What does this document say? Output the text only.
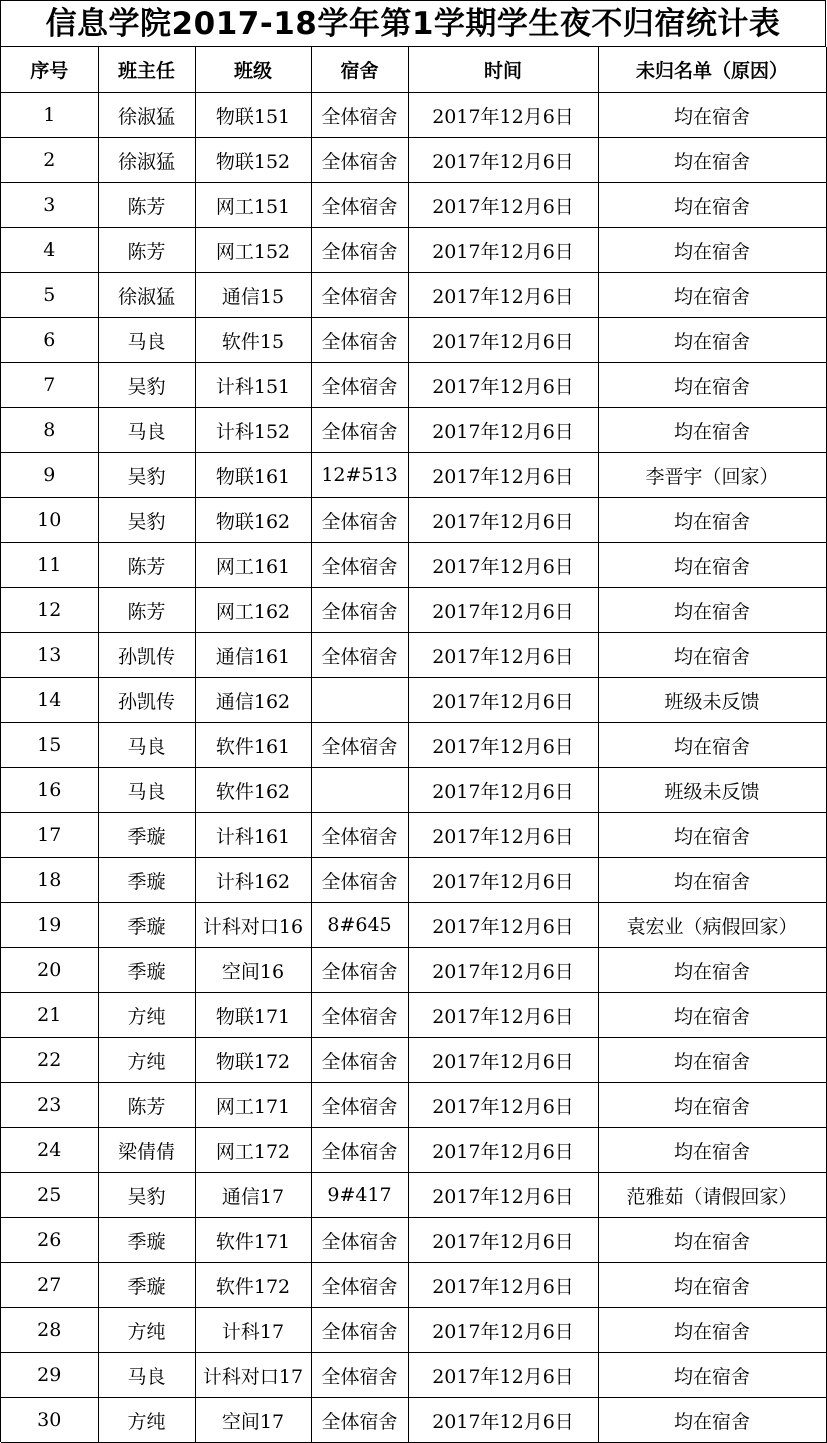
信息学院2017-18学年第1学期学生夜不归宿统计表
序号	班主任	班级	宿舍	时间	未归名单（原因）
1	徐淑猛	物联151	全体宿舍	2017年12月6日	均在宿舍
2	徐淑猛	物联152	全体宿舍	2017年12月6日	均在宿舍
3	陈芳	网工151	全体宿舍	2017年12月6日	均在宿舍
4	陈芳	网工152	全体宿舍	2017年12月6日	均在宿舍
5	徐淑猛	通信15	全体宿舍	2017年12月6日	均在宿舍
6	马良	软件15	全体宿舍	2017年12月6日	均在宿舍
7	吴豹	计科151	全体宿舍	2017年12月6日	均在宿舍
8	马良	计科152	全体宿舍	2017年12月6日	均在宿舍
9	吴豹	物联161	12#513	2017年12月6日	李晋宇（回家）
10	吴豹	物联162	全体宿舍	2017年12月6日	均在宿舍
11	陈芳	网工161	全体宿舍	2017年12月6日	均在宿舍
12	陈芳	网工162	全体宿舍	2017年12月6日	均在宿舍
13	孙凯传	通信161	全体宿舍	2017年12月6日	均在宿舍
14	孙凯传	通信162		2017年12月6日	班级未反馈
15	马良	软件161	全体宿舍	2017年12月6日	均在宿舍
16	马良	软件162		2017年12月6日	班级未反馈
17	季璇	计科161	全体宿舍	2017年12月6日	均在宿舍
18	季璇	计科162	全体宿舍	2017年12月6日	均在宿舍
19	季璇	计科对口16	8#645	2017年12月6日	袁宏业（病假回家）
20	季璇	空间16	全体宿舍	2017年12月6日	均在宿舍
21	方纯	物联171	全体宿舍	2017年12月6日	均在宿舍
22	方纯	物联172	全体宿舍	2017年12月6日	均在宿舍
23	陈芳	网工171	全体宿舍	2017年12月6日	均在宿舍
24	梁倩倩	网工172	全体宿舍	2017年12月6日	均在宿舍
25	吴豹	通信17	9#417	2017年12月6日	范雅茹（请假回家）
26	季璇	软件171	全体宿舍	2017年12月6日	均在宿舍
27	季璇	软件172	全体宿舍	2017年12月6日	均在宿舍
28	方纯	计科17	全体宿舍	2017年12月6日	均在宿舍
29	马良	计科对口17	全体宿舍	2017年12月6日	均在宿舍
30	方纯	空间17	全体宿舍	2017年12月6日	均在宿舍
